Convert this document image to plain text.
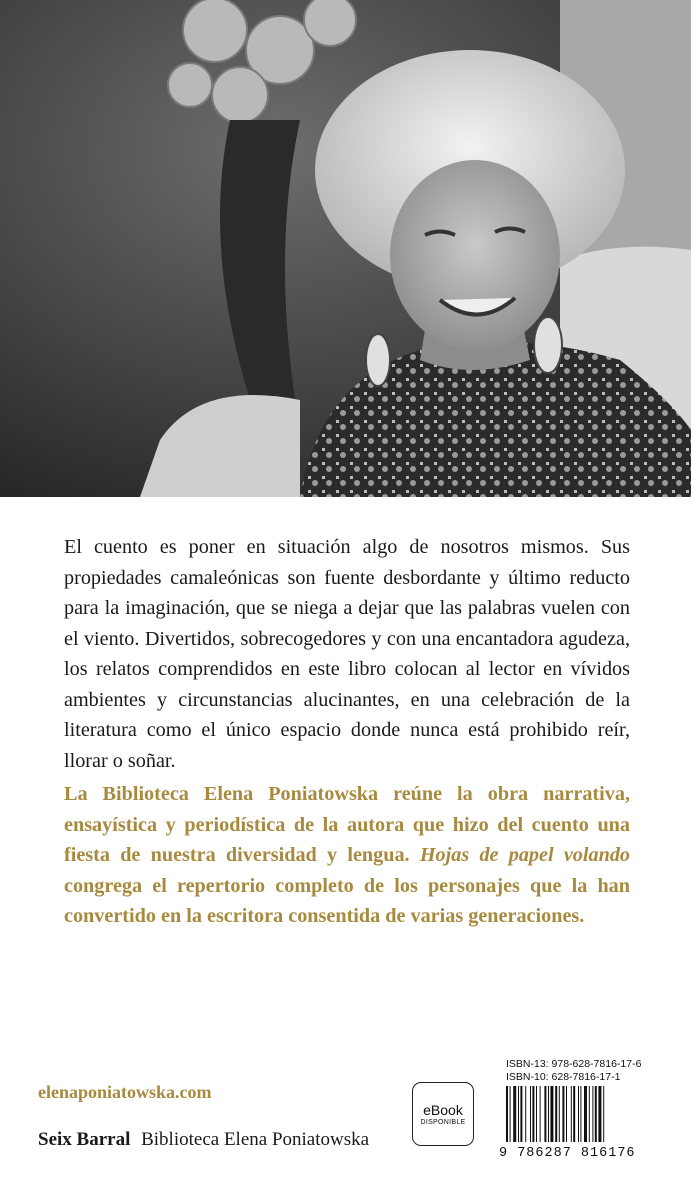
El cuento es poner en situación algo de nosotros mismos. Sus propiedades camaleónicas son fuente desbordante y último reducto para la imaginación, que se niega a dejar que las palabras vuelen con el viento. Divertidos, sobrecogedores y con una encantadora agudeza, los relatos comprendidos en este libro colocan al lector en vívidos ambientes y circunstancias alucinantes, en una celebración de la literatura como el único espacio donde nunca está prohibido reír, llorar o soñar.

La Biblioteca Elena Poniatowska reúne la obra narrativa, ensayística y periodística de la autora que hizo del cuento una fiesta de nuestra diversidad y lengua. Hojas de papel volando congrega el repertorio completo de los personajes que la han convertido en la escritora consentida de varias generaciones.

elenaponiatowska.com
Seix Barral Biblioteca Elena Poniatowska
eBook
DISPONIBLE
ISBN-13: 978-628-7816-17-6
ISBN-10: 628-7816-17-1
9 786287 816176
